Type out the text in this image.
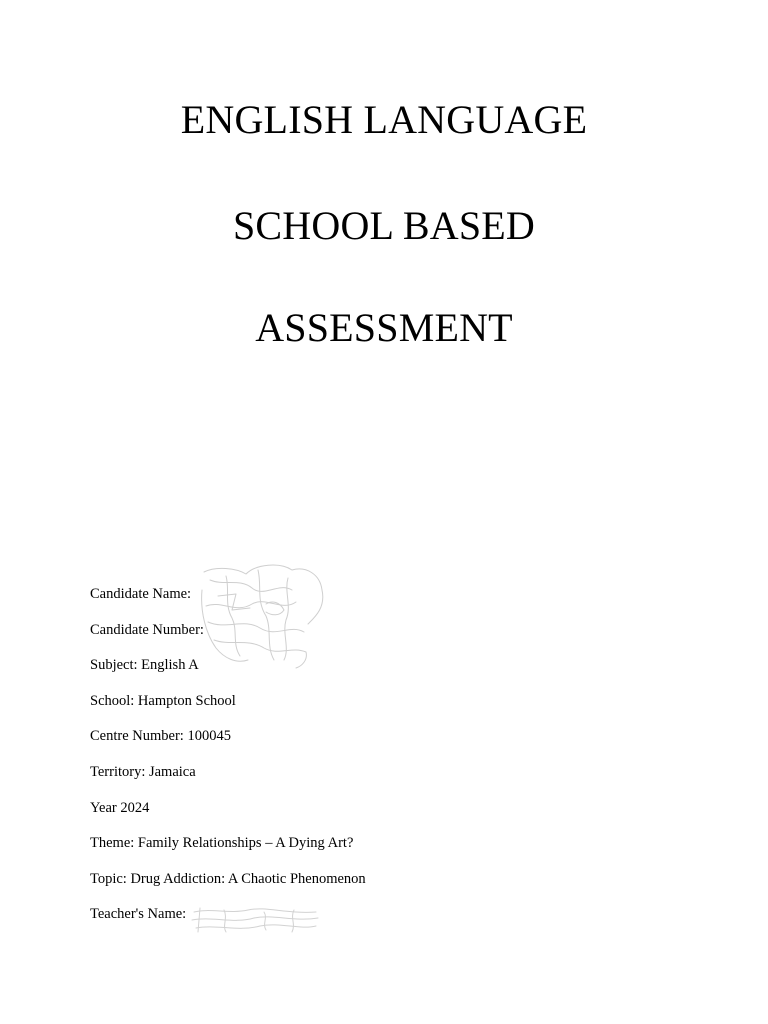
ENGLISH LANGUAGE
SCHOOL BASED
ASSESSMENT
Candidate Name:
Candidate Number:
Subject: English A
School: Hampton School
Centre Number: 100045
Territory: Jamaica
Year 2024
Theme: Family Relationships – A Dying Art?
Topic: Drug Addiction: A Chaotic Phenomenon
Teacher's Name:
